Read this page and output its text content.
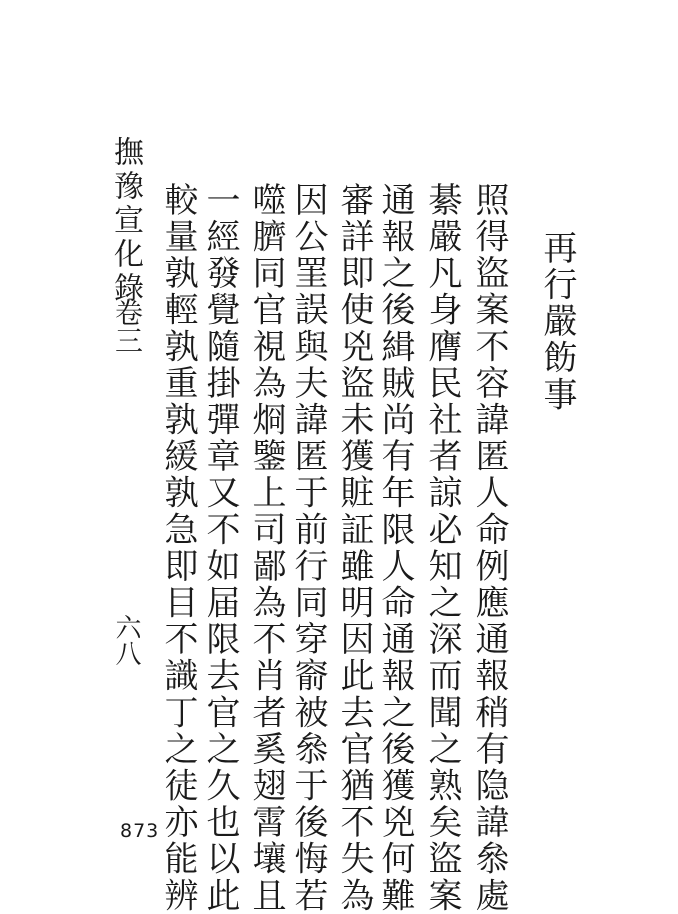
再行嚴飭事
照得盜案不容諱匿人命例應通報稍有隐諱叅處
綦嚴凡身膺民社者諒必知之深而聞之熟矣盜案
通報之後緝賊尚有年限人命通報之後獲兇何難
審詳即使兇盜未獲賍証雖明因此去官猶不失為
因公罣誤與夫諱匿于前行同穿窬被叅于後悔若
噬臍同官視為烱鑒上司鄙為不肖者奚翅霄壤且
一經發覺隨掛彈章又不如届限去官之久也以此
較量孰輕孰重孰緩孰急即目不識丁之徒亦能辨
撫豫宣化錄
卷三
六八
873
